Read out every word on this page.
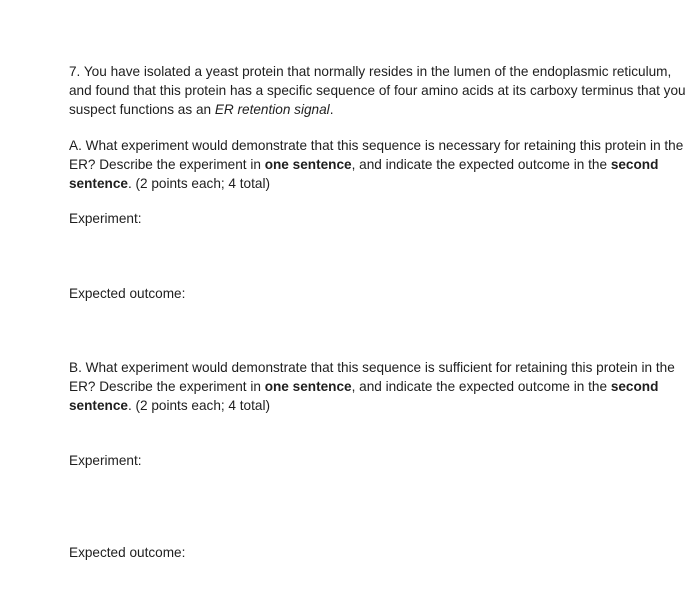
7. You have isolated a yeast protein that normally resides in the lumen of the endoplasmic reticulum, and found that this protein has a specific sequence of four amino acids at its carboxy terminus that you suspect functions as an ER retention signal.

A. What experiment would demonstrate that this sequence is necessary for retaining this protein in the ER? Describe the experiment in one sentence, and indicate the expected outcome in the second sentence. (2 points each; 4 total)

Experiment:

Expected outcome:

B. What experiment would demonstrate that this sequence is sufficient for retaining this protein in the ER? Describe the experiment in one sentence, and indicate the expected outcome in the second sentence. (2 points each; 4 total)

Experiment:

Expected outcome:
